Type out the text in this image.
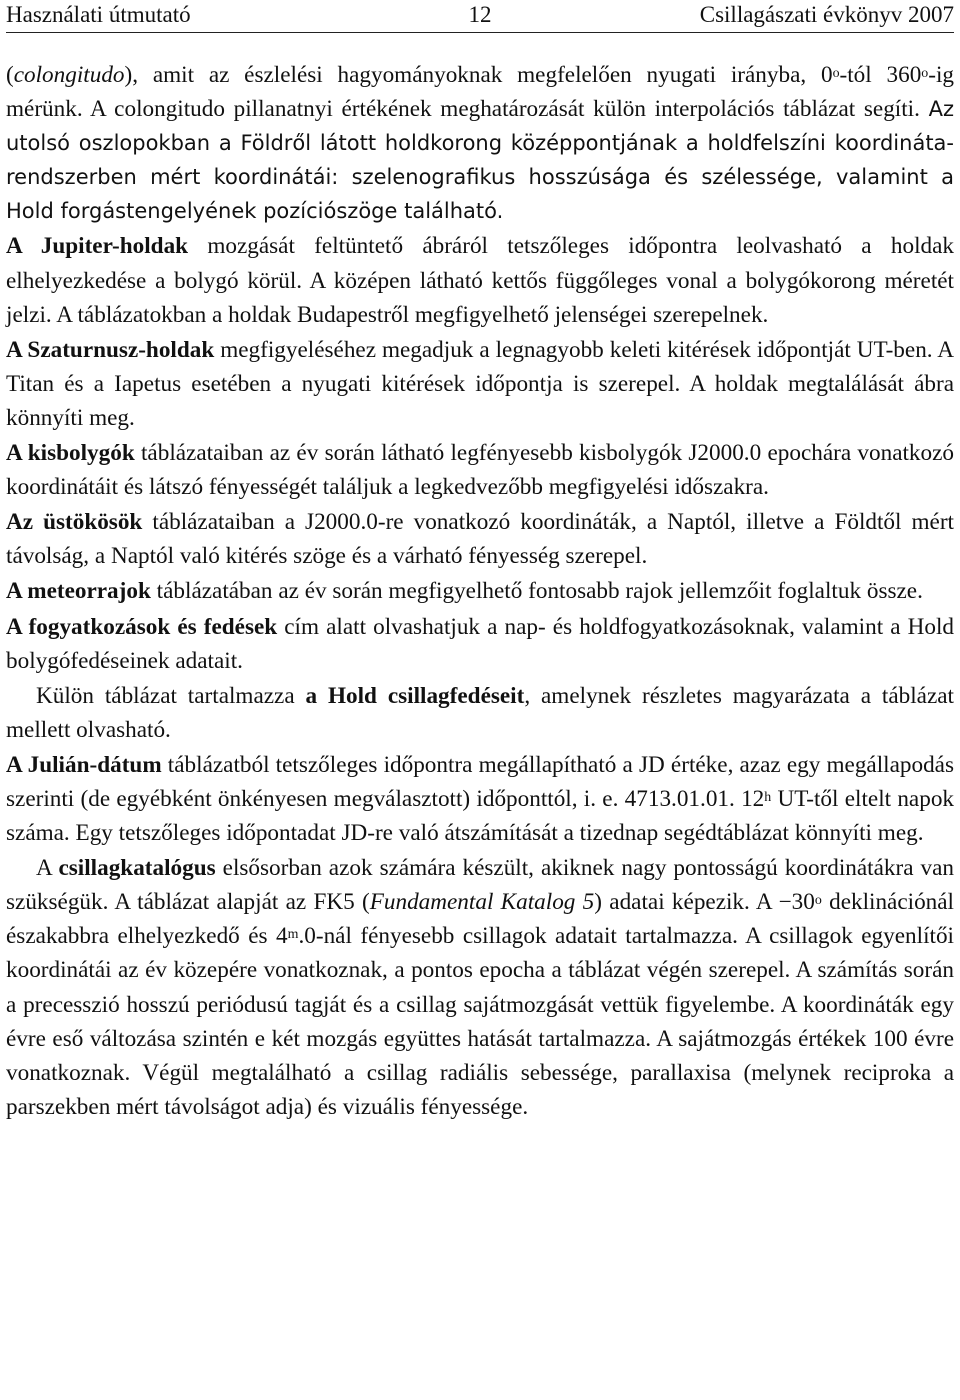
Használati útmutató	12	Csillagászati évkönyv 2007

(colongitudo), amit az észlelési hagyományoknak megfelelően nyugati irányba, 0$^o$-tól 360$^o$-ig mérünk. A colongitudo pillanatnyi értékének meghatározását külön interpolációs táblázat segíti. Az utolsó oszlopokban a Földről látott holdkorong középpontjának a holdfelszíni koordináta-rendszerben mért koordinátái: szelenografikus hosszúsága és szélessége, valamint a Hold forgástengelyének pozíciószöge található.

A Jupiter-holdak mozgását feltüntető ábráról tetszőleges időpontra leolvasható a holdak elhelyezkedése a bolygó körül. A középen látható kettős függőleges vonal a bolygókorong méretét jelzi. A táblázatokban a holdak Budapestről megfigyelhető jelenségei szerepelnek.

A Szaturnusz-holdak megfigyeléséhez megadjuk a legnagyobb keleti kitérések időpontját UT-ben. A Titan és a Iapetus esetében a nyugati kitérések időpontja is szerepel. A holdak megtalálását ábra könnyíti meg.

A kisbolygók táblázataiban az év során látható legfényesebb kisbolygók J2000.0 epochára vonatkozó koordinátáit és látszó fényességét találjuk a legkedvezőbb megfigyelési időszakra.

Az üstökösök táblázataiban a J2000.0-re vonatkozó koordináták, a Naptól, illetve a Földtől mért távolság, a Naptól való kitérés szöge és a várható fényesség szerepel.

A meteorrajok táblázatában az év során megfigyelhető fontosabb rajok jellemzőit foglaltuk össze.

A fogyatkozások és fedések cím alatt olvashatjuk a nap- és holdfogyatkozásoknak, valamint a Hold bolygófedéseinek adatait.

Külön táblázat tartalmazza a Hold csillagfedéseit, amelynek részletes magyarázata a táblázat mellett olvasható.

A Julián-dátum táblázatból tetszőleges időpontra megállapítható a JD értéke, azaz egy megállapodás szerinti (de egyébként önkényesen megválasztott) időponttól, i. e. 4713.01.01. 12$^h$ UT-től eltelt napok száma. Egy tetszőleges időpontadat JD-re való átszámítását a tizednap segédtáblázat könnyíti meg.

A csillagkatalógus elsősorban azok számára készült, akiknek nagy pontosságú koordinátákra van szükségük. A táblázat alapját az FK5 (Fundamental Katalog 5) adatai képezik. $A -30^o$ deklinációnál északabbra elhelyezkedő és 4$^m$.0-nál fényesebb csillagok adatait tartalmazza. A csillagok egyenlítői koordinátái az év közepére vonatkoznak, a pontos epocha a táblázat végén szerepel. A számítás során a precesszió hosszú periódusú tagját és a csillag sajátmozgását vettük figyelembe. A koordináták egy évre eső változása szintén e két mozgás együttes hatását tartalmazza. A sajátmozgás értékek 100 évre vonatkoznak. Végül megtalálható a csillag radiális sebessége, parallaxisa (melynek reciproka a parszekben mért távolságot adja) és vizuális fényessége.
